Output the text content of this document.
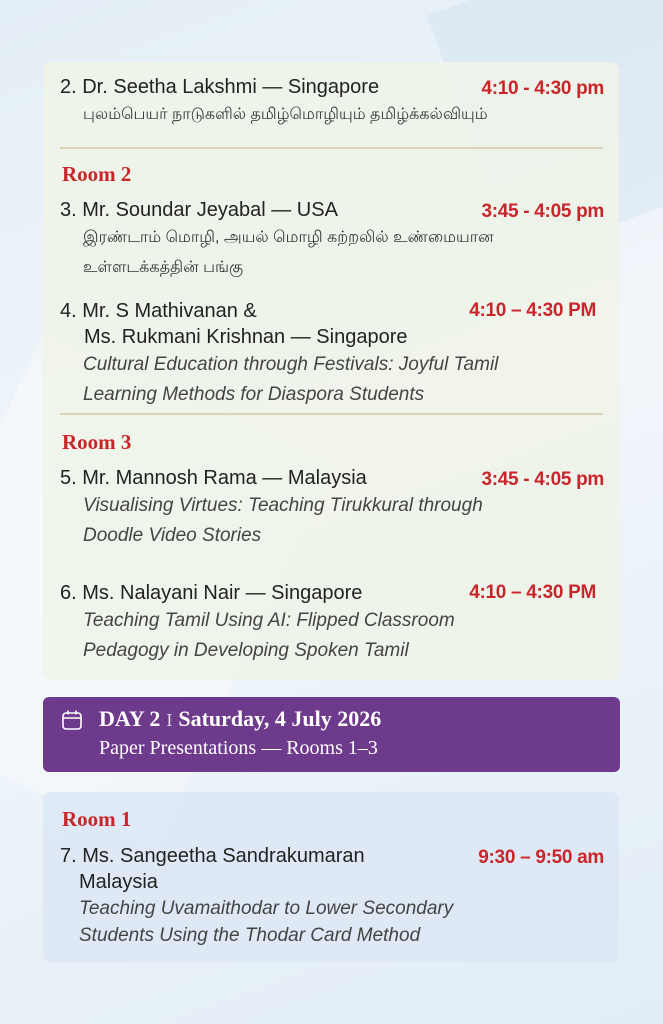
4:10 - 4:30 pm
2. Dr. Seetha Lakshmi — Singapore
புலம்பெயர் நாடுகளில் தமிழ்மொழியும் தமிழ்க்கல்வியும்
Room 2
3:45 - 4:05 pm
3. Mr. Soundar Jeyabal — USA
இரண்டாம் மொழி, அயல் மொழி கற்றலில் உண்மையான
உள்ளடக்கத்தின் பங்கு
4:10 – 4:30 PM
4. Mr. S Mathivanan &
Ms. Rukmani Krishnan — Singapore
Cultural Education through Festivals: Joyful Tamil
Learning Methods for Diaspora Students
Room 3
3:45 - 4:05 pm
5. Mr. Mannosh Rama — Malaysia
Visualising Virtues: Teaching Tirukkural through
Doodle Video Stories
4:10 – 4:30 PM
6. Ms. Nalayani Nair — Singapore
Teaching Tamil Using AI: Flipped Classroom
Pedagogy in Developing Spoken Tamil
DAY 2 I Saturday, 4 July 2026
Paper Presentations — Rooms 1–3
Room 1
9:30 – 9:50 am
7. Ms. Sangeetha Sandrakumaran
Malaysia
Teaching Uvamaithodar to Lower Secondary
Students Using the Thodar Card Method
